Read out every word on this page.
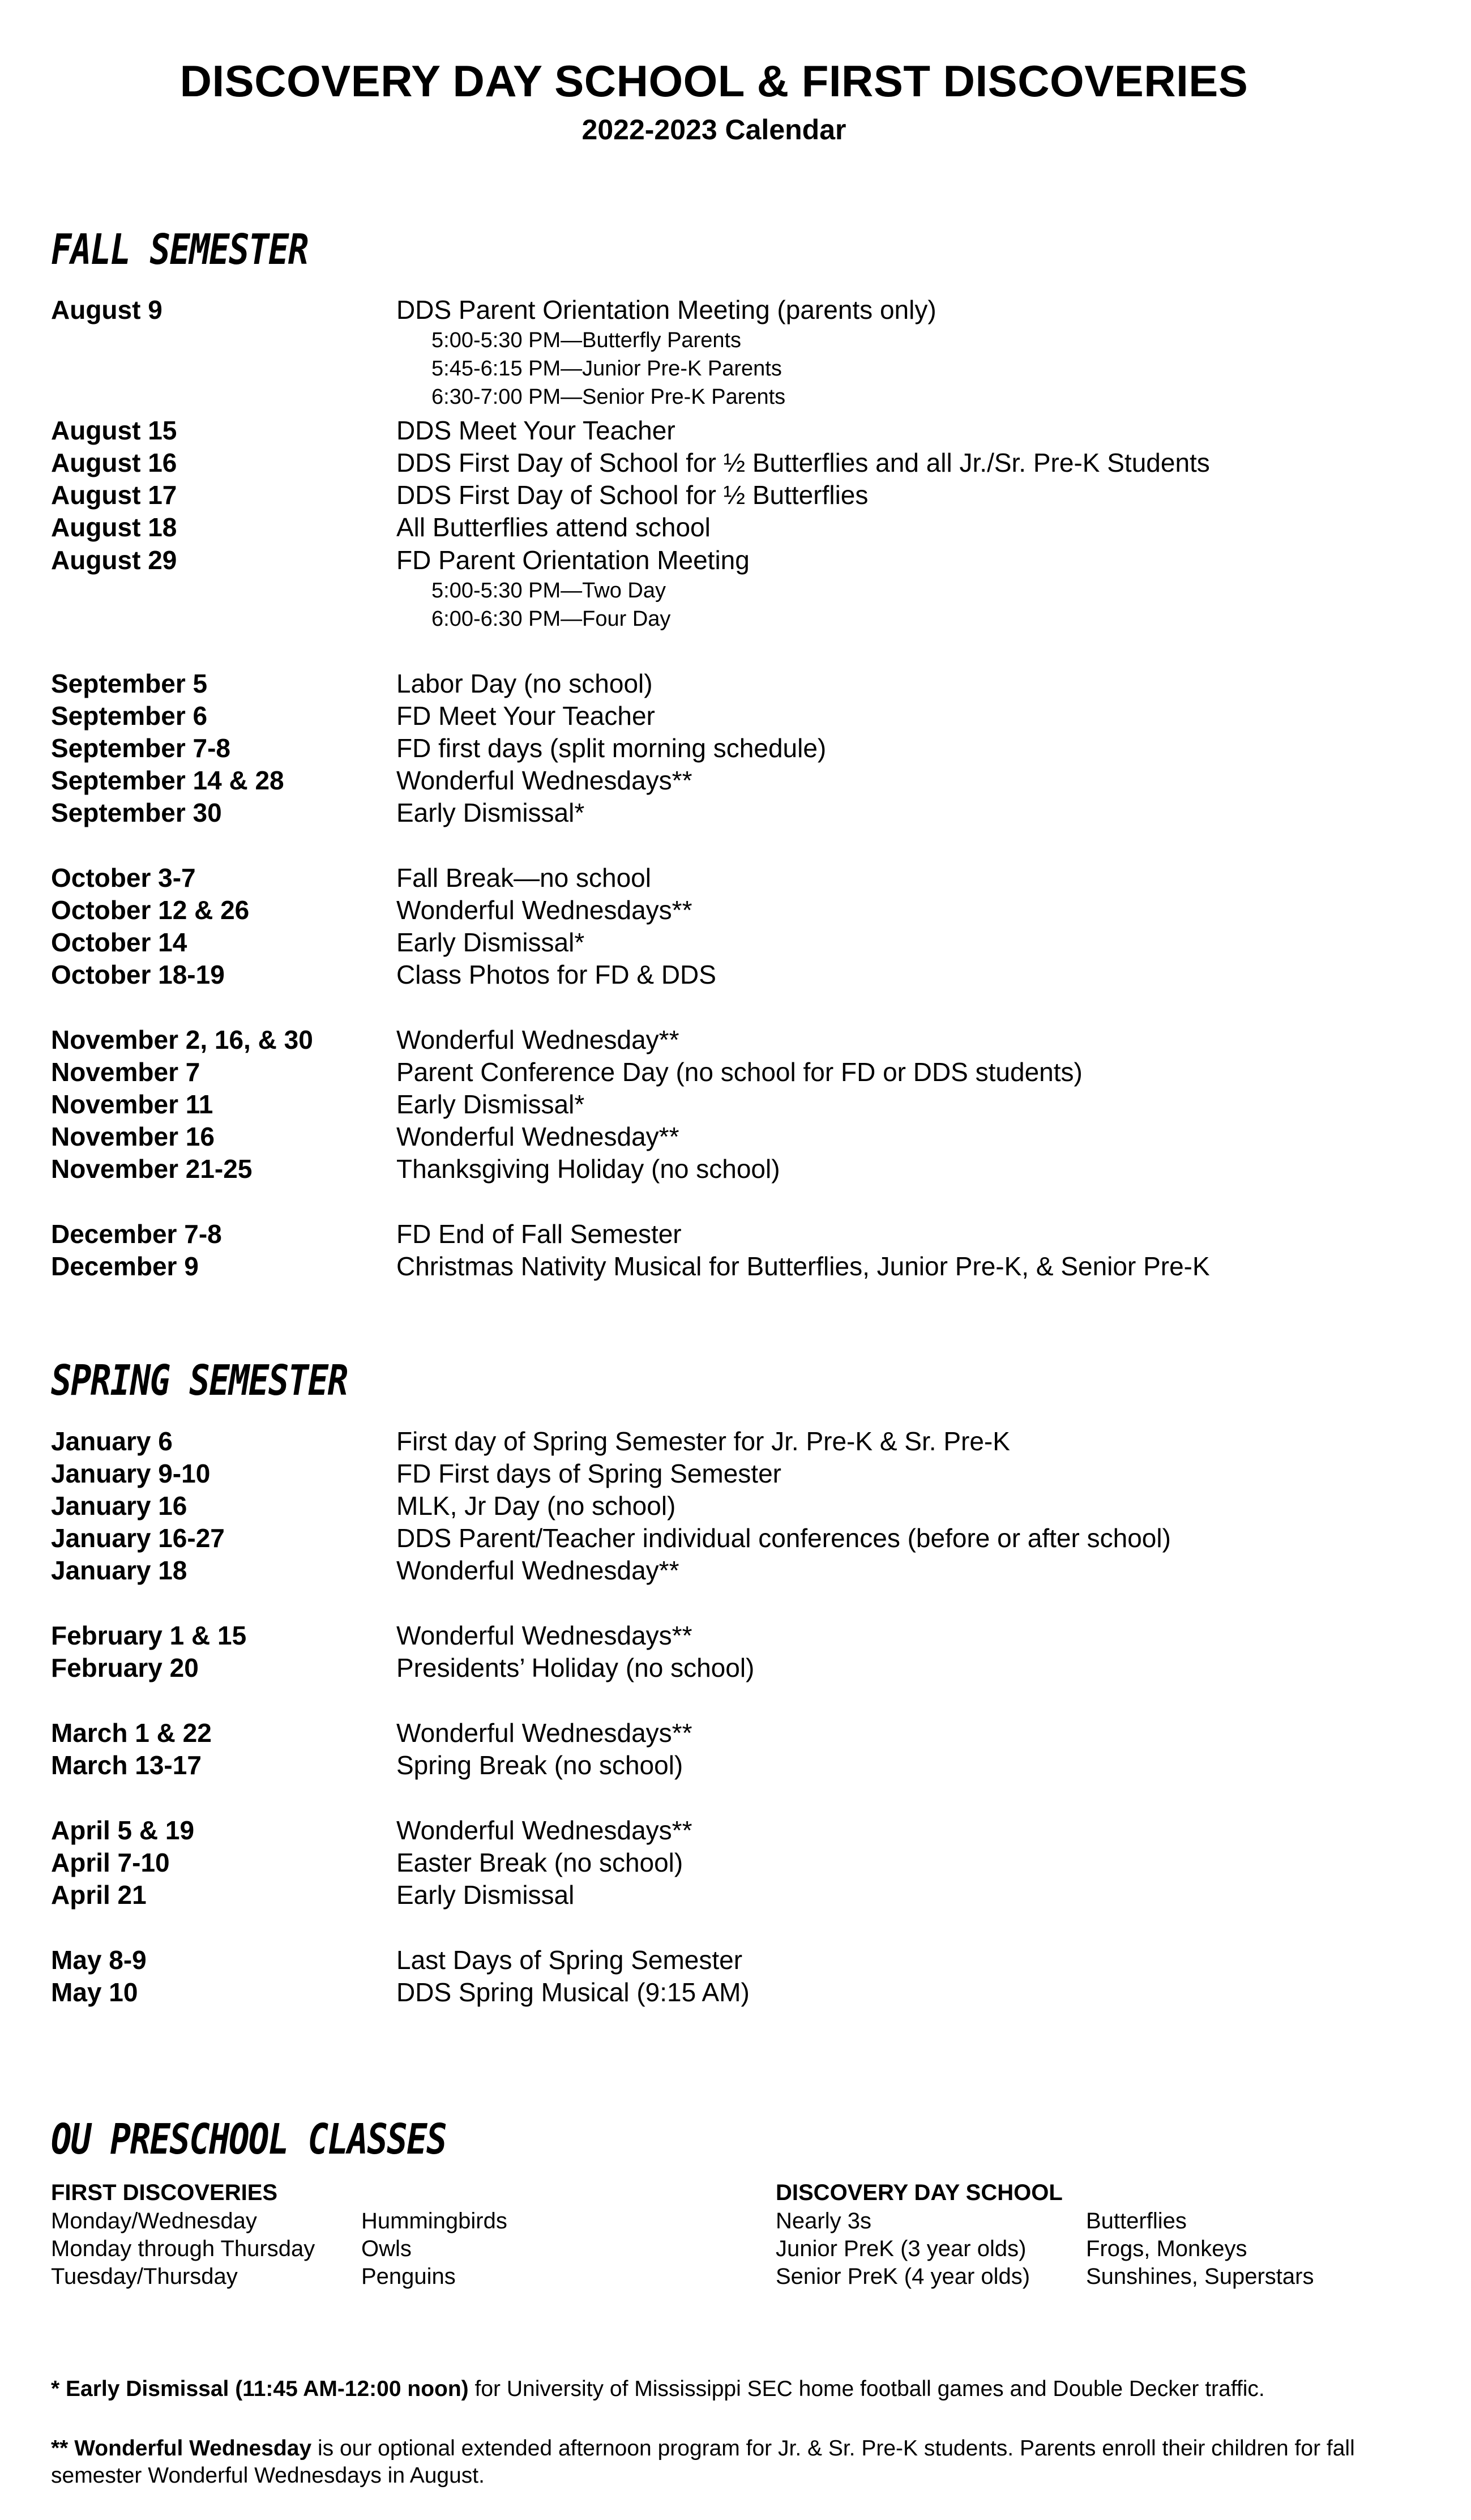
DISCOVERY DAY SCHOOL & FIRST DISCOVERIES
2022-2023 Calendar
FALL SEMESTER
August 9	DDS Parent Orientation Meeting (parents only)
5:00-5:30 PM—Butterfly Parents
5:45-6:15 PM—Junior Pre-K Parents
6:30-7:00 PM—Senior Pre-K Parents
August 15	DDS Meet Your Teacher
August 16	DDS First Day of School for ½ Butterflies and all Jr./Sr. Pre-K Students
August 17	DDS First Day of School for ½ Butterflies
August 18	All Butterflies attend school
August 29	FD Parent Orientation Meeting
5:00-5:30 PM—Two Day
6:00-6:30 PM—Four Day
September 5	Labor Day (no school)
September 6	FD Meet Your Teacher
September 7-8	FD first days (split morning schedule)
September 14 & 28	Wonderful Wednesdays**
September 30	Early Dismissal*
October 3-7	Fall Break—no school
October 12 & 26	Wonderful Wednesdays**
October 14	Early Dismissal*
October 18-19	Class Photos for FD & DDS
November 2, 16, & 30	Wonderful Wednesday**
November 7	Parent Conference Day (no school for FD or DDS students)
November 11	Early Dismissal*
November 16	Wonderful Wednesday**
November 21-25	Thanksgiving Holiday (no school)
December 7-8	FD End of Fall Semester
December 9	Christmas Nativity Musical for Butterflies, Junior Pre-K, & Senior Pre-K
SPRING SEMESTER
January 6	First day of Spring Semester for Jr. Pre-K & Sr. Pre-K
January 9-10	FD First days of Spring Semester
January 16	MLK, Jr Day (no school)
January 16-27	DDS Parent/Teacher individual conferences (before or after school)
January 18	Wonderful Wednesday**
February 1 & 15	Wonderful Wednesdays**
February 20	Presidents’ Holiday (no school)
March 1 & 22	Wonderful Wednesdays**
March 13-17	Spring Break (no school)
April 5 & 19	Wonderful Wednesdays**
April 7-10	Easter Break (no school)
April 21	Early Dismissal
May 8-9	Last Days of Spring Semester
May 10	DDS Spring Musical (9:15 AM)
OU PRESCHOOL CLASSES
FIRST DISCOVERIES
Monday/Wednesday	Hummingbirds
Monday through Thursday Owls
Tuesday/Thursday	Penguins
DISCOVERY DAY SCHOOL
Nearly 3s	Butterflies
Junior PreK (3 year olds)	Frogs, Monkeys
Senior PreK (4 year olds) Sunshines, Superstars
* Early Dismissal (11:45 AM-12:00 noon) for University of Mississippi SEC home football games and Double Decker traffic.
** Wonderful Wednesday is our optional extended afternoon program for Jr. & Sr. Pre-K students. Parents enroll their children for fall semester Wonderful Wednesdays in August.
